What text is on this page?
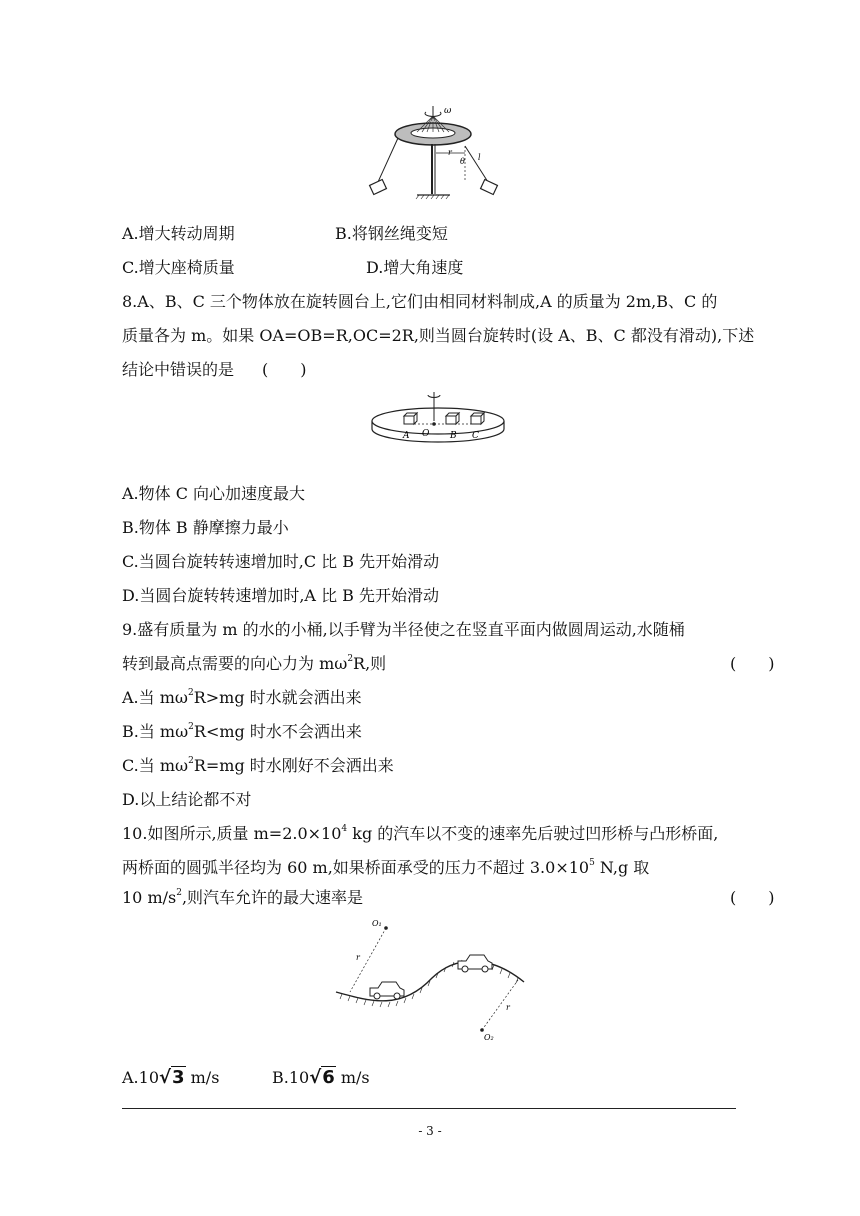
ω
r
l
θ
A.增大转动周期	B.将钢丝绳变短
C.增大座椅质量	D.增大角速度
8.A、B、C 三个物体放在旋转圆台上,它们由相同材料制成,A 的质量为 2m,B、C 的
质量各为 m。如果 OA=OB=R,OC=2R,则当圆台旋转时(设 A、B、C 都没有滑动),下述
结论中错误的是 (　　)
A O B C
A.物体 C 向心加速度最大
B.物体 B 静摩擦力最小
C.当圆台旋转转速增加时,C 比 B 先开始滑动
D.当圆台旋转转速增加时,A 比 B 先开始滑动
9.盛有质量为 m 的水的小桶,以手臂为半径使之在竖直平面内做圆周运动,水随桶
转到最高点需要的向心力为 $m\omega^2R$,则	(　　)
A.当 $m\omega^2R>mg$ 时水就会洒出来
B.当 $m\omega^2R<mg$ 时水不会洒出来
C.当 $m\omega^2R=mg$ 时水刚好不会洒出来
D.以上结论都不对
10.如图所示,质量 $m=2.0\times 10^4$ kg 的汽车以不变的速率先后驶过凹形桥与凸形桥面,
两桥面的圆弧半径均为 60 m,如果桥面承受的压力不超过 $3.0\times 10^5$ N,g 取
10 $m/s^2$,则汽车允许的最大速率是	(　　)
O₁
r
O₂
r
A.10√3 m/s	B.10√6 m/s
- 3 -
